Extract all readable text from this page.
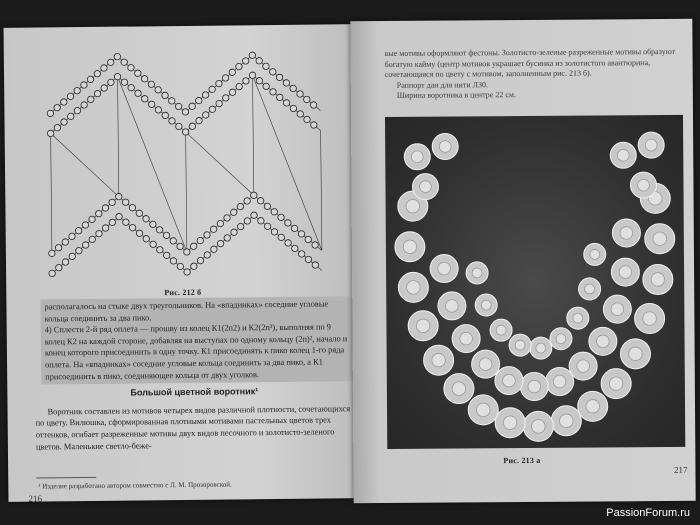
Рис. 212 б

располагалось на стыке двух треугольников. На «впадинках» соседние угловые кольца соединить за два пико.

4) Сплести 2-й ряд оплета — прошву из колец К1(2п2) и К2(2п²), выполняя по 9 колец К2 на каждой стороне, добавляя на выступах по одному кольцу (2п)², начало и конец которого присоединить в одну точку. К1 присоединять к пико колец 1-го ряда оплета. На «впадинках» соседние угловые кольца соединить за два пико, а К1 присоединить в пико, соединяющее кольца от двух уголков.

Большой цветной воротник¹

Воротник составлен из мотивов четырех видов различной плотности, сочетающихся по цвету. Вилюшка, сформированная плотными мотивами пастельных цветов трех оттенков, огибает разреженные мотивы двух видов песочного и золотисто-зеленого цветов. Маленькие светло-беже-

¹ Изделие разработано автором совместно с Л. М. Прозоровской.
216

вые мотивы оформляют фестоны. Золотисто-зеленые разреженные мотивы образуют богатую кайму (центр мотивов украшает бусинка из золотистого авантюрина, сочетающаяся по цвету с мотивом, заполненным рис. 213 б).

Раппорт дан для нити Л30.

Ширина воротника в центре 22 см.

Рис. 213 а
217
PassionForum.ru
